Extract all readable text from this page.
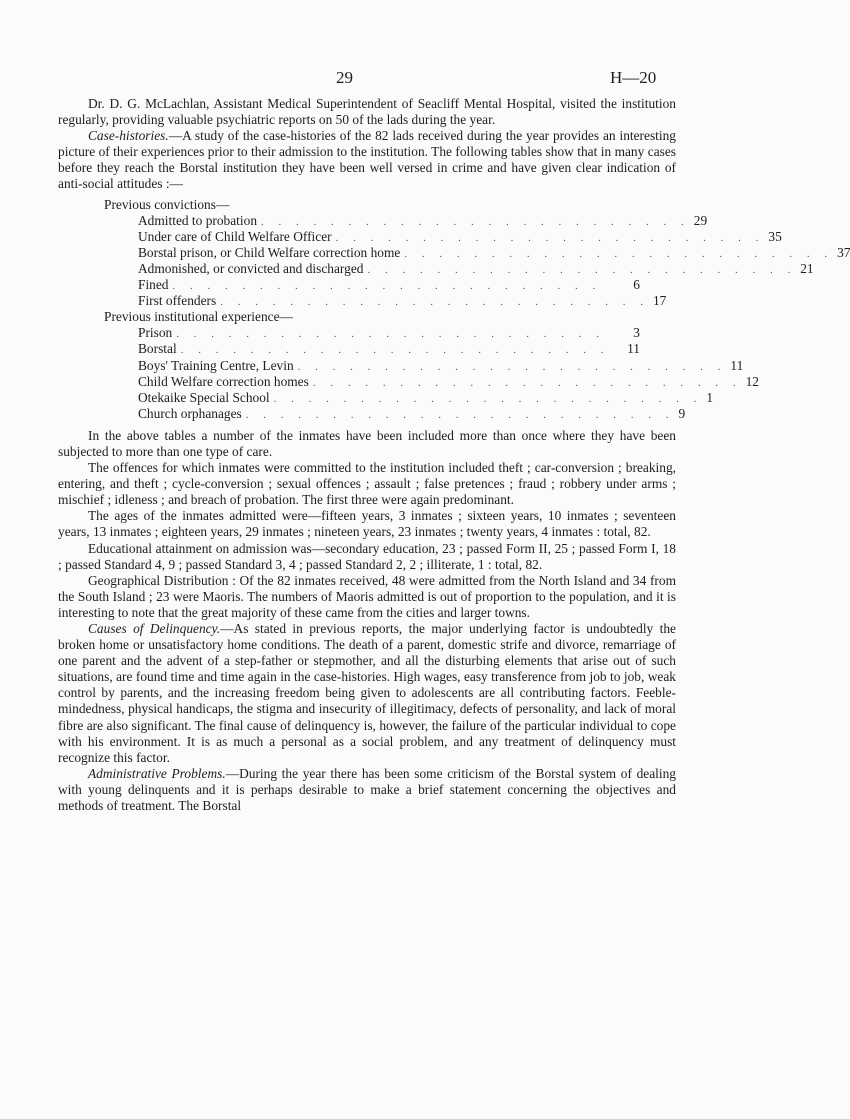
29	H—20

Dr. D. G. McLachlan, Assistant Medical Superintendent of Seacliff Mental Hospital, visited the institution regularly, providing valuable psychiatric reports on 50 of the lads during the year.

Case-histories.—A study of the case-histories of the 82 lads received during the year provides an interesting picture of their experiences prior to their admission to the institution. The following tables show that in many cases before they reach the Borstal institution they have been well versed in crime and have given clear indication of anti-social attitudes :—

Previous convictions—
Admitted to probation . . . . . . . . . . . . . . . . . . . . . . . . . 29
Under care of Child Welfare Officer . . . . . . . . . . . . . . . . . . . . . . . . . 35
Borstal prison, or Child Welfare correction home . . . . . . . . . . . . . . . . . . . . . . . . . 37
Admonished, or convicted and discharged . . . . . . . . . . . . . . . . . . . . . . . . . 21
Fined . . . . . . . . . . . . . . . . . . . . . . . . .	6
First offenders . . . . . . . . . . . . . . . . . . . . . . . . . 17
Previous institutional experience—
Prison . . . . . . . . . . . . . . . . . . . . . . . . .	3
Borstal . . . . . . . . . . . . . . . . . . . . . . . . .	11
Boys' Training Centre, Levin . . . . . . . . . . . . . . . . . . . . . . . . . 11
Child Welfare correction homes . . . . . . . . . . . . . . . . . . . . . . . . . 12
Otekaike Special School . . . . . . . . . . . . . . . . . . . . . . . . . 1
Church orphanages . . . . . . . . . . . . . . . . . . . . . . . . . 9

In the above tables a number of the inmates have been included more than once where they have been subjected to more than one type of care.

The offences for which inmates were committed to the institution included theft ; car-conversion ; breaking, entering, and theft ; cycle-conversion ; sexual offences ; assault ; false pretences ; fraud ; robbery under arms ; mischief ; idleness ; and breach of probation. The first three were again predominant.

The ages of the inmates admitted were—fifteen years, 3 inmates ; sixteen years, 10 inmates ; seventeen years, 13 inmates ; eighteen years, 29 inmates ; nineteen years, 23 inmates ; twenty years, 4 inmates : total, 82.

Educational attainment on admission was—secondary education, 23 ; passed Form II, 25 ; passed Form I, 18 ; passed Standard 4, 9 ; passed Standard 3, 4 ; passed Standard 2, 2 ; illiterate, 1 : total, 82.

Geographical Distribution : Of the 82 inmates received, 48 were admitted from the North Island and 34 from the South Island ; 23 were Maoris. The numbers of Maoris admitted is out of proportion to the population, and it is interesting to note that the great majority of these came from the cities and larger towns.

Causes of Delinquency.—As stated in previous reports, the major underlying factor is undoubtedly the broken home or unsatisfactory home conditions. The death of a parent, domestic strife and divorce, remarriage of one parent and the advent of a step-father or stepmother, and all the disturbing elements that arise out of such situations, are found time and time again in the case-histories. High wages, easy transference from job to job, weak control by parents, and the increasing freedom being given to adolescents are all contributing factors. Feeble-mindedness, physical handicaps, the stigma and insecurity of illegitimacy, defects of personality, and lack of moral fibre are also significant. The final cause of delinquency is, however, the failure of the particular individual to cope with his environment. It is as much a personal as a social problem, and any treatment of delinquency must recognize this factor.

Administrative Problems.—During the year there has been some criticism of the Borstal system of dealing with young delinquents and it is perhaps desirable to make a brief statement concerning the objectives and methods of treatment. The Borstal
